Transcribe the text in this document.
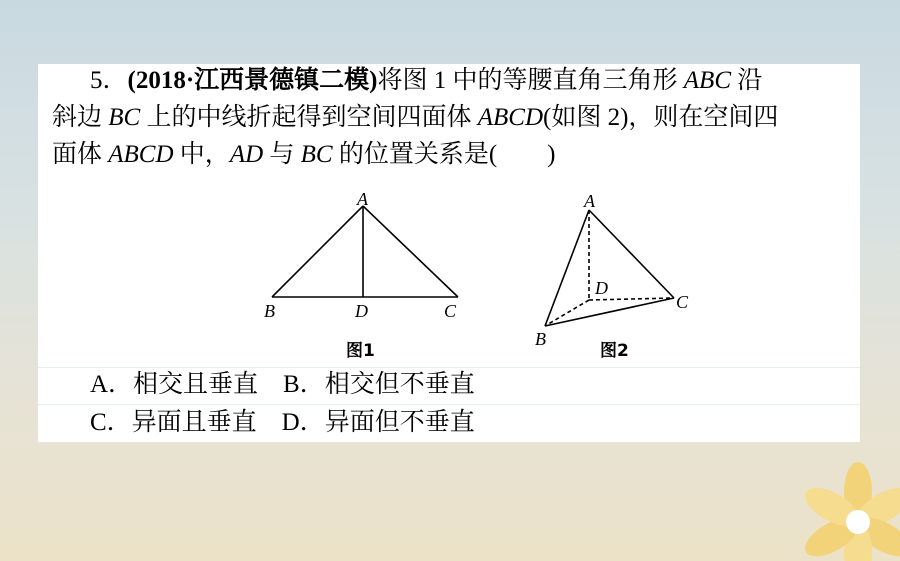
5．(2018·江西景德镇二模)将图 1 中的等腰直角三角形 ABC 沿
斜边 BC 上的中线折起得到空间四面体 ABCD(如图 2)，则在空间四
面体 ABCD 中，AD 与 BC 的位置关系是(　　)
A
B	C
D
图1
A
B
C
D
图2
A．相交且垂直　B．相交但不垂直
C．异面且垂直　D．异面但不垂直
